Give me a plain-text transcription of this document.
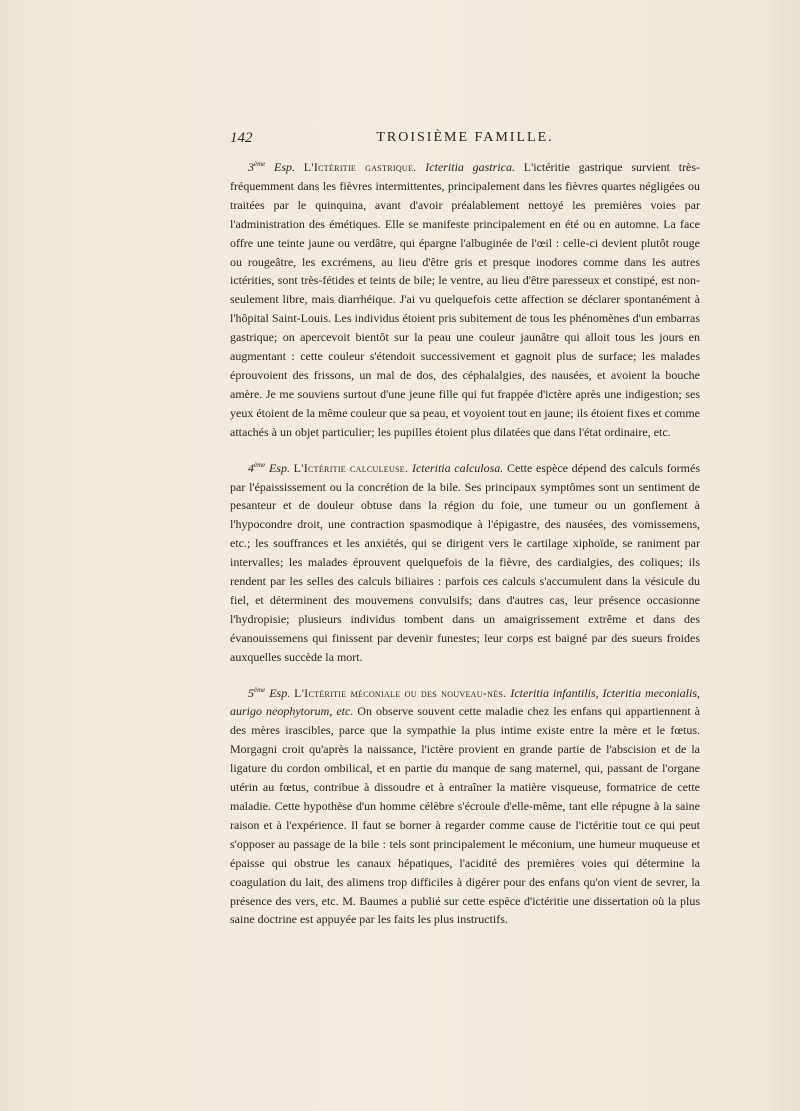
142	TROISIÈME FAMILLE.

3ème Esp. L'Ictéritie gastrique. Icteritia gastrica. L'ictéritie gastrique survient très-fréquemment dans les fièvres intermittentes, principalement dans les fièvres quartes négligées ou traitées par le quinquina, avant d'avoir préalablement nettoyé les premières voies par l'administration des émétiques. Elle se manifeste principalement en été ou en automne. La face offre une teinte jaune ou verdâtre, qui épargne l'albuginée de l'œil : celle-ci devient plutôt rouge ou rougeâtre, les excrémens, au lieu d'être gris et presque inodores comme dans les autres ictérities, sont très-fétides et teints de bile; le ventre, au lieu d'être paresseux et constipé, est non-seulement libre, mais diarrhéique. J'ai vu quelquefois cette affection se déclarer spontanément à l'hôpital Saint-Louis. Les individus étoient pris subitement de tous les phénomènes d'un embarras gastrique; on apercevoit bientôt sur la peau une couleur jaunâtre qui alloit tous les jours en augmentant : cette couleur s'étendoit successivement et gagnoit plus de surface; les malades éprouvoient des frissons, un mal de dos, des céphalalgies, des nausées, et avoient la bouche amère. Je me souviens surtout d'une jeune fille qui fut frappée d'ictère après une indigestion; ses yeux étoient de la même couleur que sa peau, et voyoient tout en jaune; ils étoient fixes et comme attachés à un objet particulier; les pupilles étoient plus dilatées que dans l'état ordinaire, etc.

4ème Esp. L'Ictéritie calculeuse. Icteritia calculosa. Cette espèce dépend des calculs formés par l'épaississement ou la concrétion de la bile. Ses principaux symptômes sont un sentiment de pesanteur et de douleur obtuse dans la région du foie, une tumeur ou un gonflement à l'hypocondre droit, une contraction spasmodique à l'épigastre, des nausées, des vomissemens, etc.; les souffrances et les anxiétés, qui se dirigent vers le cartilage xiphoïde, se raniment par intervalles; les malades éprouvent quelquefois de la fièvre, des cardialgies, des coliques; ils rendent par les selles des calculs biliaires : parfois ces calculs s'accumulent dans la vésicule du fiel, et déterminent des mouvemens convulsifs; dans d'autres cas, leur présence occasionne l'hydropisie; plusieurs individus tombent dans un amaigrissement extrême et dans des évanouissemens qui finissent par devenir funestes; leur corps est baigné par des sueurs froides auxquelles succède la mort.

5ème Esp. L'Ictéritie méconiale ou des nouveau-nés. Icteritia infantilis, Icteritia meconialis, aurigo neophytorum, etc. On observe souvent cette maladie chez les enfans qui appartiennent à des mères irascibles, parce que la sympathie la plus intime existe entre la mère et le fœtus. Morgagni croit qu'après la naissance, l'ictère provient en grande partie de l'abscision et de la ligature du cordon ombilical, et en partie du manque de sang maternel, qui, passant de l'organe utérin au fœtus, contribue à dissoudre et à entraîner la matière visqueuse, formatrice de cette maladie. Cette hypothèse d'un homme célèbre s'écroule d'elle-même, tant elle répugne à la saine raison et à l'expérience. Il faut se borner à regarder comme cause de l'ictéritie tout ce qui peut s'opposer au passage de la bile : tels sont principalement le méconium, une humeur muqueuse et épaisse qui obstrue les canaux hépatiques, l'acidité des premières voies qui détermine la coagulation du lait, des alimens trop difficiles à digérer pour des enfans qu'on vient de sevrer, la présence des vers, etc. M. Baumes a publié sur cette espèce d'ictéritie une dissertation où la plus saine doctrine est appuyée par les faits les plus instructifs.
